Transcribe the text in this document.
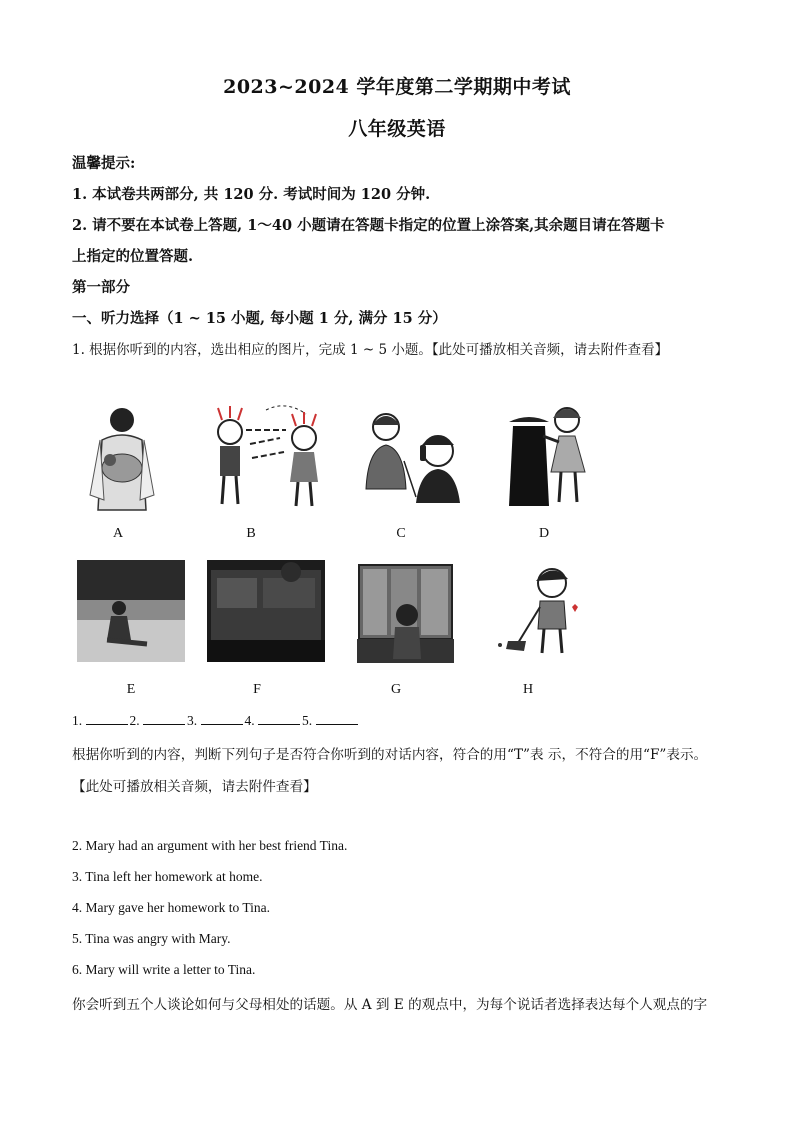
2023~2024 学年度第二学期期中考试
八年级英语
温馨提示:
1. 本试卷共两部分, 共 120 分. 考试时间为 120 分钟.
2. 请不要在本试卷上答题, 1～40 小题请在答题卡指定的位置上涂答案,其余题目请在答题卡
上指定的位置答题.
第一部分
一、听力选择（1 ~ 15 小题, 每小题 1 分, 满分 15 分）
1. 根据你听到的内容，选出相应的图片，完成 1 ~ 5 小题。【此处可播放相关音频，请去附件查看】
A	B	C	D
E	F	G	H
1.	2.	3.	4.	5.
根据你听到的内容，判断下列句子是否符合你听到的对话内容，符合的用“T”表 示，不符合的用“F”表示。
【此处可播放相关音频，请去附件查看】
2. Mary had an argument with her best friend Tina.
3. Tina left her homework at home.
4. Mary gave her homework to Tina.
5. Tina was angry with Mary.
6. Mary will write a letter to Tina.
你会听到五个人谈论如何与父母相处的话题。从 A 到 E 的观点中，为每个说话者选择表达每个人观点的字
